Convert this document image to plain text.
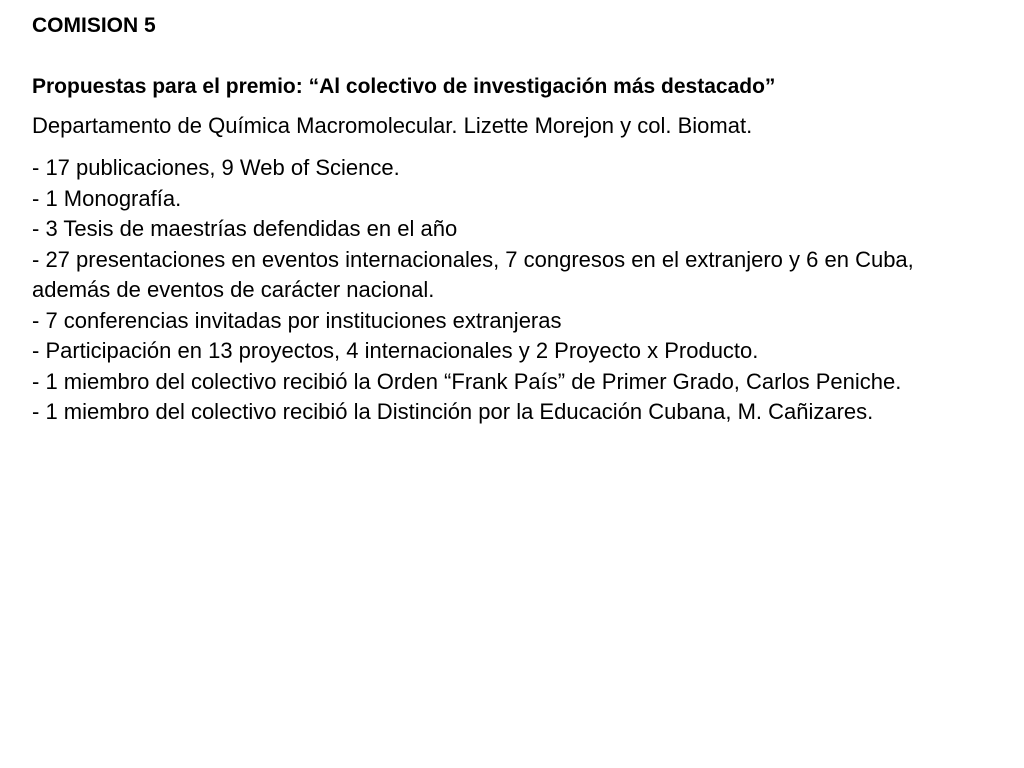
COMISION 5
Propuestas para el premio: “Al colectivo de investigación más destacado”

Departamento de Química Macromolecular. Lizette Morejon y col. Biomat.

- 17 publicaciones, 9 Web of Science.
- 1 Monografía.
- 3 Tesis de maestrías defendidas en el año
- 27 presentaciones en eventos internacionales, 7 congresos en el extranjero y 6 en Cuba, además de eventos de carácter nacional.
- 7 conferencias invitadas por instituciones extranjeras
- Participación en 13 proyectos, 4 internacionales y 2 Proyecto x Producto.
- 1 miembro del colectivo recibió la Orden “Frank País” de Primer Grado, Carlos Peniche.
- 1 miembro del colectivo recibió la Distinción por la Educación Cubana, M. Cañizares.
